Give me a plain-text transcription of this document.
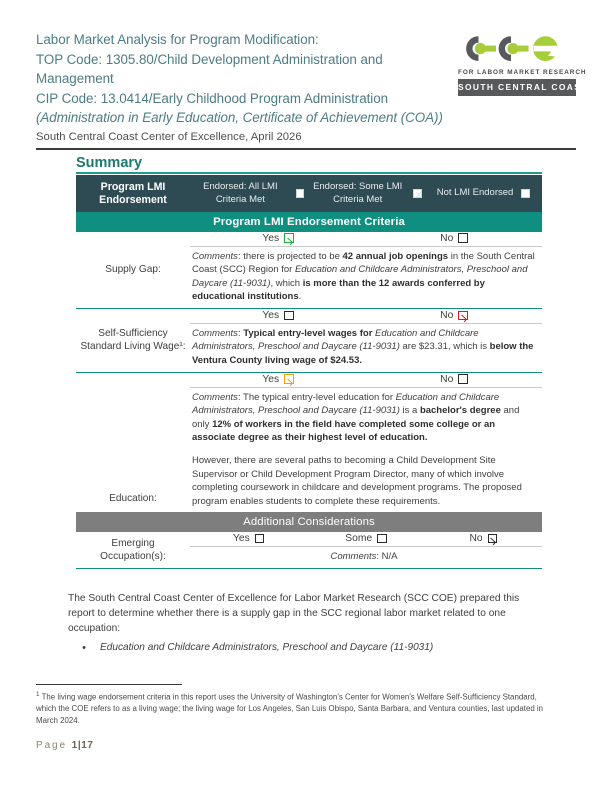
Labor Market Analysis for Program Modification:
TOP Code: 1305.80/Child Development Administration and
Management
CIP Code: 13.0414/Early Childhood Program Administration
(Administration in Early Education, Certificate of Achievement (COA))
South Central Coast Center of Excellence, April 2026
FOR LABOR MARKET RESEARCH
SOUTH CENTRAL COAST
Summary
Program LMI Endorsement
Endorsed: All LMI Criteria Met
Endorsed: Some LMI Criteria Met
Not LMI Endorsed
Program LMI Endorsement Criteria
Supply Gap:
Yes	No
Comments: there is projected to be 42 annual job openings in the South Central Coast (SCC) Region for Education and Childcare Administrators, Preschool and Daycare (11-9031), which is more than the 12 awards conferred by educational institutions.
Self-Sufficiency Standard Living Wage¹:
Yes	No
Comments: Typical entry-level wages for Education and Childcare Administrators, Preschool and Daycare (11-9031) are $23.31, which is below the Ventura County living wage of $24.53.
Education:
Yes	No

Comments: The typical entry-level education for Education and Childcare Administrators, Preschool and Daycare (11-9031) is a bachelor's degree and only 12% of workers in the field have completed some college or an associate degree as their highest level of education.

However, there are several paths to becoming a Child Development Site Supervisor or Child Development Program Director, many of which involve completing coursework in childcare and development programs. The proposed program enables students to complete these requirements.

Additional Considerations
Emerging Occupation(s):
Yes	Some	No
Comments: N/A
The South Central Coast Center of Excellence for Labor Market Research (SCC COE) prepared this report to determine whether there is a supply gap in the SCC regional labor market related to one occupation:
•	Education and Childcare Administrators, Preschool and Daycare (11-9031)
$^1$ The living wage endorsement criteria in this report uses the University of Washington's Center for Women's Welfare Self-Sufficiency Standard, which the COE refers to as a living wage; the living wage for Los Angeles, San Luis Obispo, Santa Barbara, and Ventura counties, last updated in March 2024.
Page 1|17
